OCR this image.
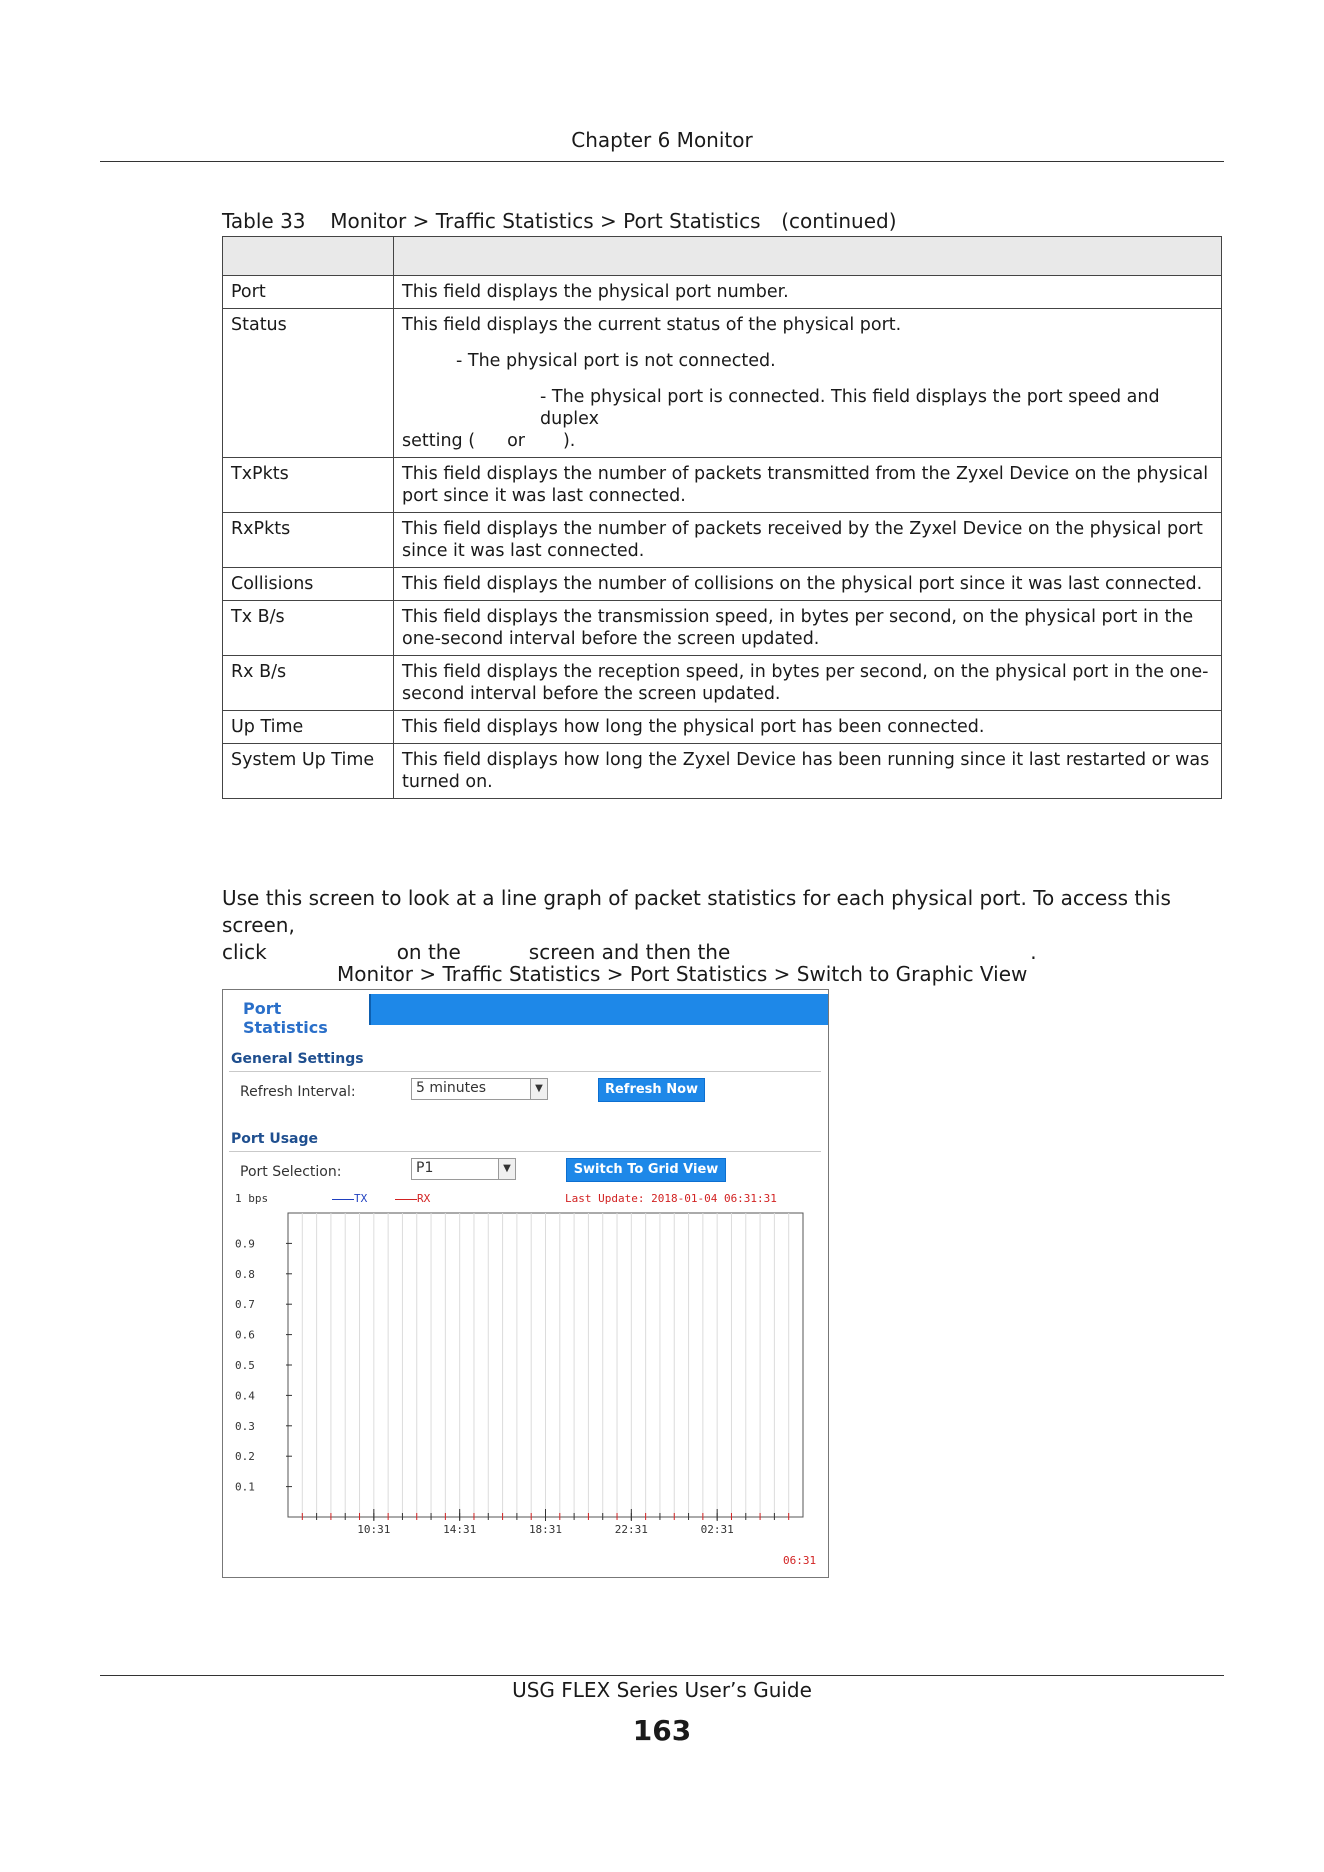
Chapter 6 Monitor
Table 33 Monitor > Traffic Statistics > Port Statistics (continued)

Port	This field displays the physical port number.
Status	This field displays the current status of the physical port.
- The physical port is not connected.
- The physical port is connected. This field displays the port speed and duplex
setting ( or ).

TxPkts	This field displays the number of packets transmitted from the Zyxel Device on the physical port since it was last connected.
RxPkts	This field displays the number of packets received by the Zyxel Device on the physical port since it was last connected.
Collisions	This field displays the number of collisions on the physical port since it was last connected.
Tx B/s	This field displays the transmission speed, in bytes per second, on the physical port in the one-second interval before the screen updated.
Rx B/s	This field displays the reception speed, in bytes per second, on the physical port in the one-second interval before the screen updated.
Up Time	This field displays how long the physical port has been connected.
System Up Time	This field displays how long the Zyxel Device has been running since it last restarted or was turned on.
Use this screen to look at a line graph of packet statistics for each physical port. To access this screen,
click	on the	screen and then the	.
Monitor > Traffic Statistics > Port Statistics > Switch to Graphic View
Port Statistics
General Settings
Refresh Interval:	5 minutes	▼	Refresh Now
Port Usage
Port Selection:	P1	▼	Switch To Grid View
1 bps	TX	RX	Last Update: 2018-01-04 06:31:31
0.9
0.8
0.7
0.6
0.5
0.4
0.3
0.2
0.1
10:31	14:31	18:31	22:31	02:31
06:31
USG FLEX Series User’s Guide
163
